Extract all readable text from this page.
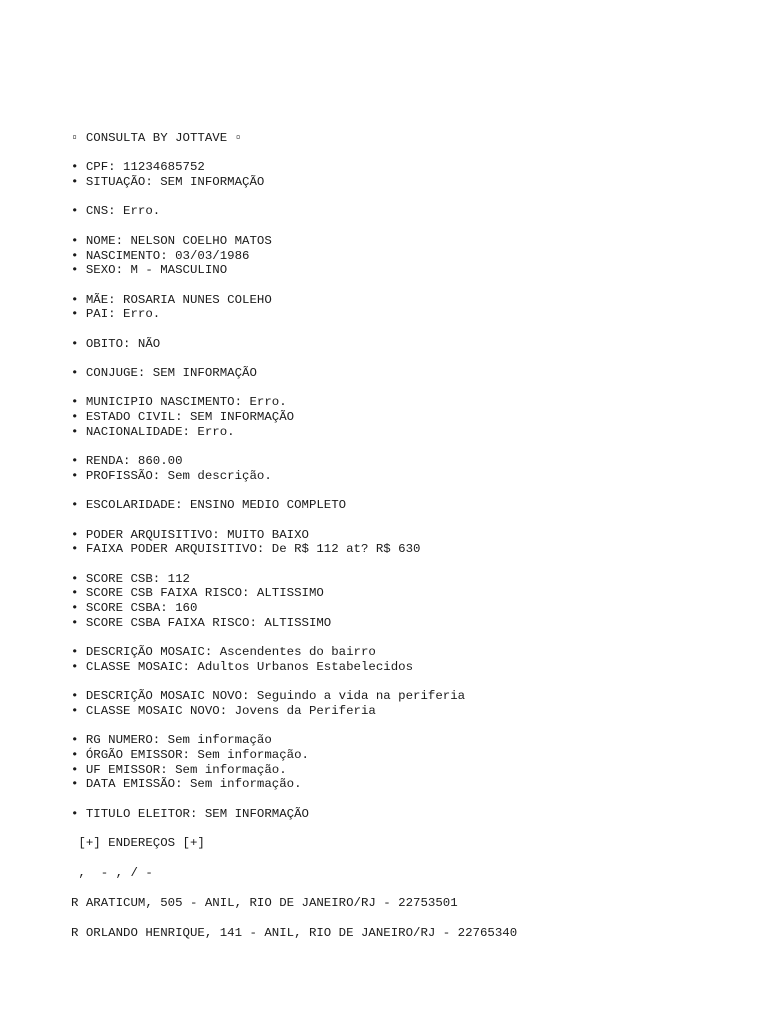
▫ CONSULTA BY JOTTAVE ▫
• CPF: 11234685752
• SITUAÇÃO: SEM INFORMAÇÃO
• CNS: Erro.
• NOME: NELSON COELHO MATOS
• NASCIMENTO: 03/03/1986
• SEXO: M - MASCULINO
• MÃE: ROSARIA NUNES COLEHO
• PAI: Erro.
• OBITO: NÃO
• CONJUGE: SEM INFORMAÇÃO
• MUNICIPIO NASCIMENTO: Erro.
• ESTADO CIVIL: SEM INFORMAÇÃO
• NACIONALIDADE: Erro.
• RENDA: 860.00
• PROFISSÃO: Sem descrição.
• ESCOLARIDADE: ENSINO MEDIO COMPLETO
• PODER ARQUISITIVO: MUITO BAIXO
• FAIXA PODER ARQUISITIVO: De R$ 112 at? R$ 630
• SCORE CSB: 112
• SCORE CSB FAIXA RISCO: ALTISSIMO
• SCORE CSBA: 160
• SCORE CSBA FAIXA RISCO: ALTISSIMO
• DESCRIÇÃO MOSAIC: Ascendentes do bairro
• CLASSE MOSAIC: Adultos Urbanos Estabelecidos
• DESCRIÇÃO MOSAIC NOVO: Seguindo a vida na periferia
• CLASSE MOSAIC NOVO: Jovens da Periferia
• RG NUMERO: Sem informação
• ÓRGÃO EMISSOR: Sem informação.
• UF EMISSOR: Sem informação.
• DATA EMISSÃO: Sem informação.
• TITULO ELEITOR: SEM INFORMAÇÃO
[+] ENDEREÇOS [+]
,  - , / -
R ARATICUM, 505 - ANIL, RIO DE JANEIRO/RJ - 22753501
R ORLANDO HENRIQUE, 141 - ANIL, RIO DE JANEIRO/RJ - 22765340
